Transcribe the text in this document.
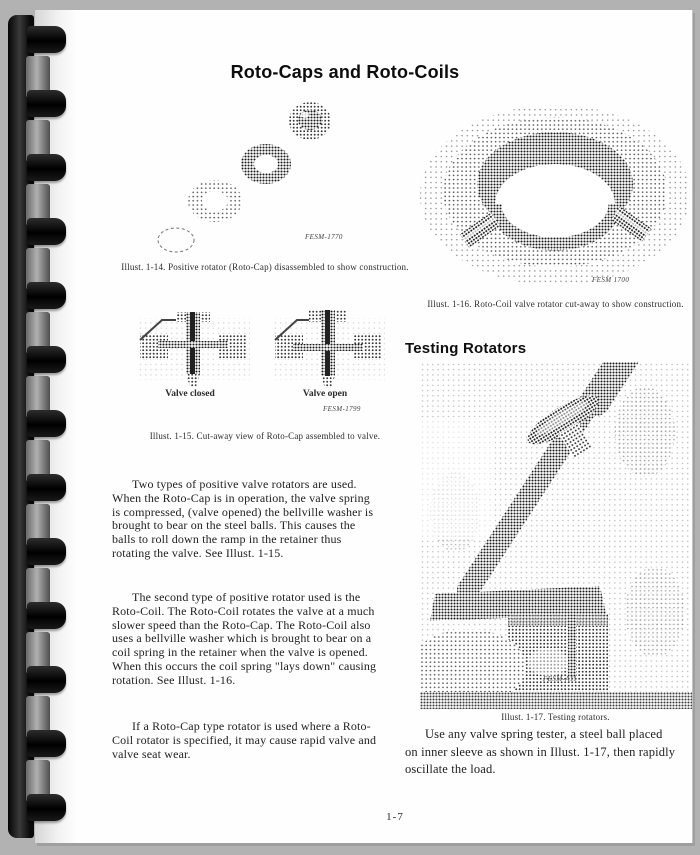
Roto-Caps and Roto-Coils
FESM-1770
Illust. 1-14. Positive rotator (Roto-Cap) disassembled to show construction.
Valve closed	Valve open
FESM-1799
Illust. 1-15. Cut-away view of Roto-Cap assembled to valve.

Two types of positive valve rotators are used. When the Roto-Cap is in operation, the valve spring is compressed, (valve opened) the bellville washer is brought to bear on the steel balls. This causes the balls to roll down the ramp in the retainer thus rotating the valve. See Illust. 1-15.

The second type of positive rotator used is the Roto-Coil. The Roto-Coil rotates the valve at a much slower speed than the Roto-Cap. The Roto-Coil also uses a bellville washer which is brought to bear on a coil spring in the retainer when the valve is opened. When this occurs the coil spring "lays down" causing rotation. See Illust. 1-16.

If a Roto-Cap type rotator is used where a Roto-Coil rotator is specified, it may cause rapid valve and valve seat wear.

FESM 1700
Illust. 1-16. Roto-Coil valve rotator cut-away to show construction.
Testing Rotators
FESM-A11
Illust. 1-17. Testing rotators.

Use any valve spring tester, a steel ball placed on inner sleeve as shown in Illust. 1-17, then rapidly oscillate the load.

1-7
